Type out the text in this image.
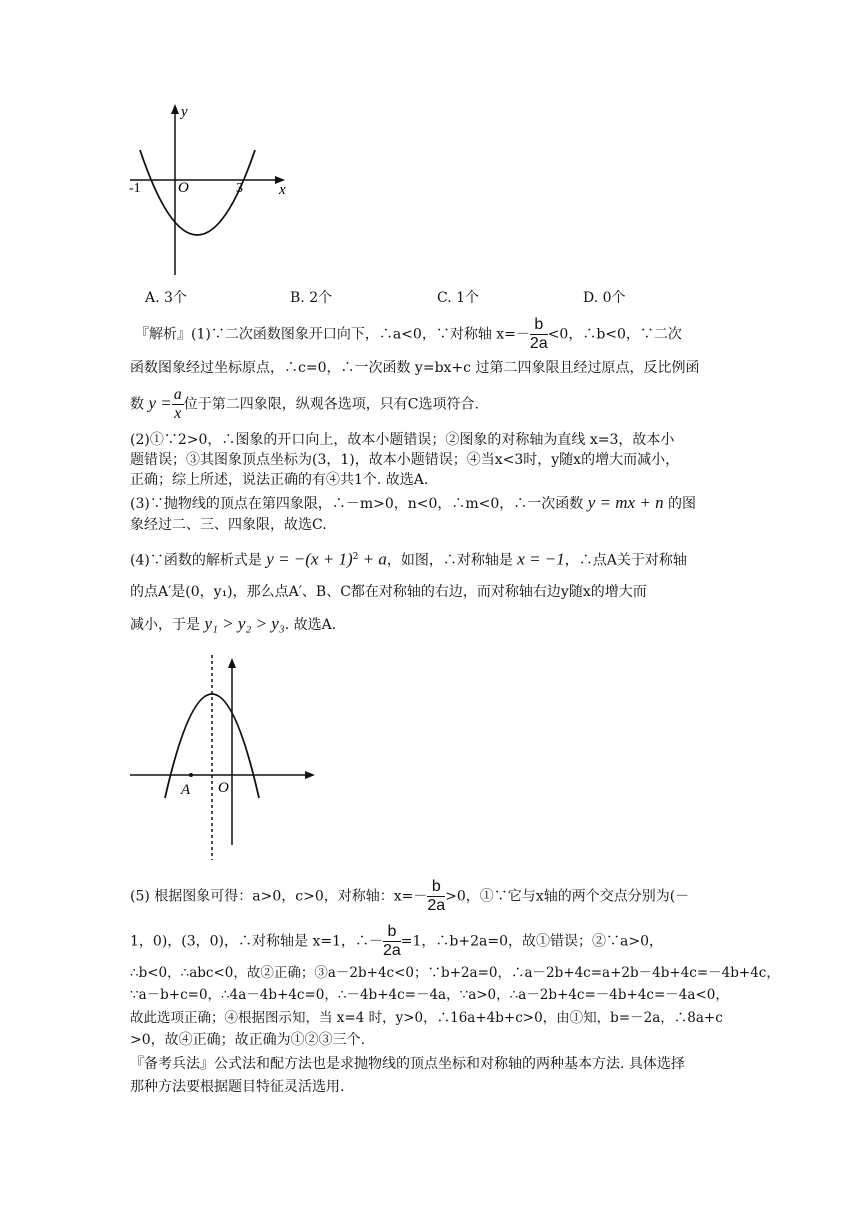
y
x
O
-1	3
A. 3个	B. 2个	C. 1个	D. 0个
『解析』(1)∵二次函数图象开口向下，∴a<0，∵对称轴 $x=- \frac{b}{2a} <0$，∴b<0，∵二次
函数图象经过坐标原点，∴c=0，∴一次函数 y=bx+c 过第二四象限且经过原点，反比例函
数 $y = \frac{a}{x}$ 位于第二四象限，纵观各选项，只有C选项符合.
(2)①∵2>0，∴图象的开口向上，故本小题错误；②图象的对称轴为直线 x=3，故本小
题错误；③其图象顶点坐标为(3，1)，故本小题错误；④当x<3时，y随x的增大而减小，
正确；综上所述，说法正确的有④共1个. 故选A.
(3)∵抛物线的顶点在第四象限，∴－m>0，n<0，∴m<0，∴一次函数 y = mx + n 的图
象经过二、三、四象限，故选C.
(4)∵函数的解析式是 $y = -(x + 1)^2 + a$，如图，∴对称轴是 x = −1，∴点A关于对称轴
的点A′是(0，y₁)，那么点A′、B、C都在对称轴的右边，而对称轴右边y随x的增大而
减小，于是 y₁ > y₂ > y₃. 故选A.
A O
(5) 根据图象可得：a>0，c>0，对称轴：$x=- \frac{b}{2a} >0$，①∵它与x轴的两个交点分别为(－
1，0)，(3，0)，∴对称轴是 x=1，∴－ $\frac{b}{2a} =1$，∴b+2a=0，故①错误；②∵a>0，
∴b<0，∴abc<0，故②正确；③a－2b+4c<0；∵b+2a=0，∴a－2b+4c=a+2b－4b+4c=－4b+4c，
∵a－b+c=0，∴4a－4b+4c=0，∴－4b+4c=－4a，∵a>0，∴a－2b+4c=－4b+4c=－4a<0，
故此选项正确；④根据图示知，当 x=4 时，y>0，∴16a+4b+c>0，由①知，b=－2a，∴8a+c
>0，故④正确；故正确为①②③三个.
『备考兵法』公式法和配方法也是求抛物线的顶点坐标和对称轴的两种基本方法. 具体选择
那种方法要根据题目特征灵活选用.
